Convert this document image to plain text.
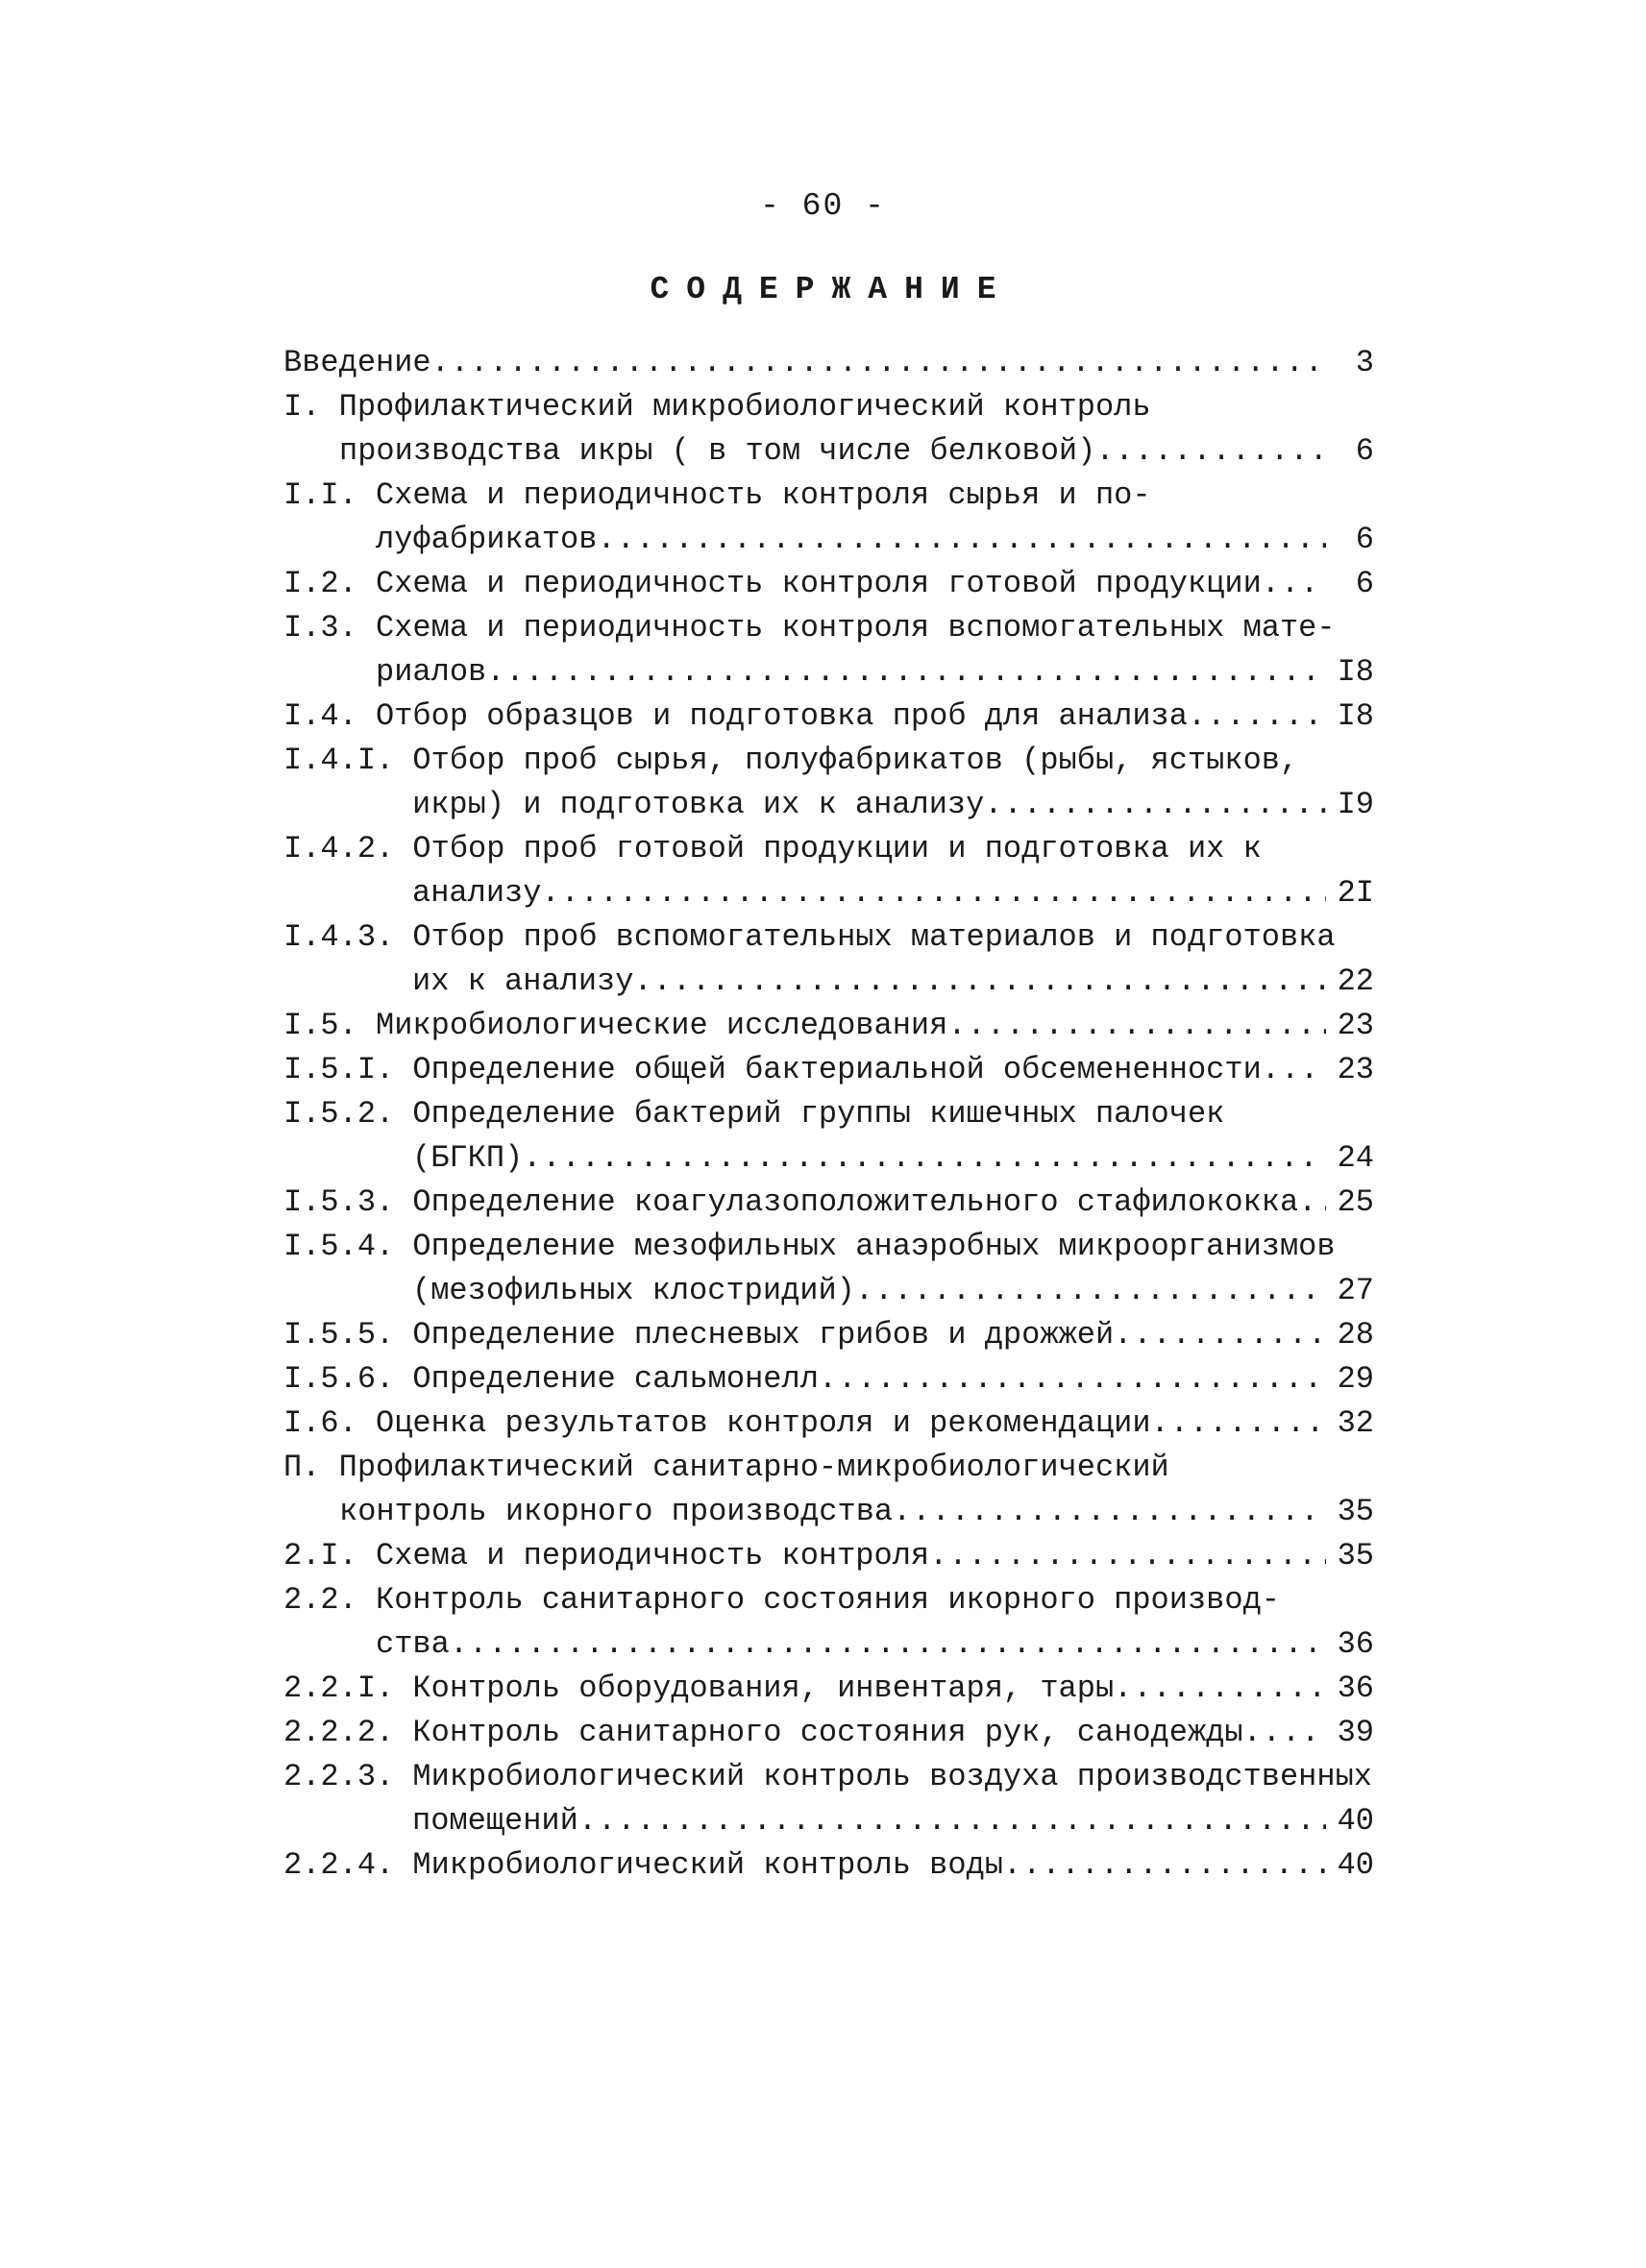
- 60 -
СОДЕРЖАНИЕ
Введение .....	3
I. Профилактический микробиологический контроль
производства икры ( в том числе белковой) .....	6
I.I. Схема и периодичность контроля сырья и по-
луфабрикатов .....	6
I.2. Схема и периодичность контроля готовой продукции .....	6
I.3. Схема и периодичность контроля вспомогательных мате-
риалов .....	I8
I.4. Отбор образцов и подготовка проб для анализа .....	I8
I.4.I. Отбор проб сырья, полуфабрикатов (рыбы, ястыков,
икры) и подготовка их к анализу .....	I9
I.4.2. Отбор проб готовой продукции и подготовка их к
анализу .....	2I
I.4.3. Отбор проб вспомогательных материалов и подготовка
их к анализу .....	22
I.5. Микробиологические исследования .....	23
I.5.I. Определение общей бактериальной обсемененности .....	23
I.5.2. Определение бактерий группы кишечных палочек
(БГКП) .....	24
I.5.3. Определение коагулазоположительного стафилококка .....	25
I.5.4. Определение мезофильных анаэробных микроорганизмов
(мезофильных клостридий) .....	27
I.5.5. Определение плесневых грибов и дрожжей .....	28
I.5.6. Определение сальмонелл .....	29
I.6. Оценка результатов контроля и рекомендации .....	32
П. Профилактический санитарно-микробиологический
контроль икорного производства .....	35
2.I. Схема и периодичность контроля .....	35
2.2. Контроль санитарного состояния икорного производ-
ства .....	36
2.2.I. Контроль оборудования, инвентаря, тары .....	36
2.2.2. Контроль санитарного состояния рук, санодежды .....	39
2.2.3. Микробиологический контроль воздуха производственных
помещений .....	40
2.2.4. Микробиологический контроль воды .....	40
